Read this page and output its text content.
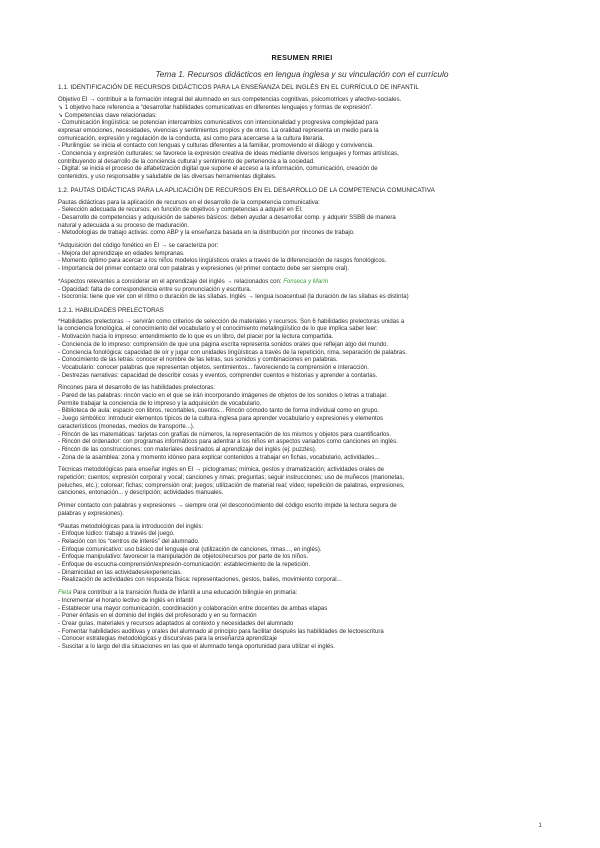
RESUMEN RRIEI
Tema 1. Recursos didácticos en lengua inglesa y su vinculación con el currículo
1.1. IDENTIFICACIÓN DE RECURSOS DIDÁCTICOS PARA LA ENSEÑANZA DEL INGLÉS EN EL CURRÍCULO DE INFANTIL

Objetivo EI → contribuir a la formación integral del alumnado en sus competencias cognitivas, psicomotrices y afectivo-sociales.

➘ 1 objetivo hace referencia a “desarrollar habilidades comunicativas en diferentes lenguajes y formas de expresión”.

➘ Competencias clave relacionadas:

- Comunicación lingüística: se potencian intercambios comunicativos con intencionalidad y progresiva complejidad para

expresar emociones, necesidades, vivencias y sentimientos propios y de otros. La oralidad representa un medio para la

comunicación, expresión y regulación de la conducta, así como para acercarse a la cultura literaria.

- Plurilingüe: se inicia el contacto con lenguas y culturas diferentes a la familiar, promoviendo el diálogo y convivencia.

- Conciencia y expresión culturales: se favorece la expresión creativa de ideas mediante diversos lenguajes y formas artísticas,

contribuyendo al desarrollo de la conciencia cultural y sentimiento de pertenencia a la sociedad.

- Digital: se inicia el proceso de alfabetización digital que supone el acceso a la información, comunicación, creación de

contenidos, y uso responsable y saludable de las diversas herramientas digitales.

1.2. PAUTAS DIDÁCTICAS PARA LA APLICACIÓN DE RECURSOS EN EL DESARROLLO DE LA COMPETENCIA COMUNICATIVA

Pautas didácticas para la aplicación de recursos en el desarrollo de la competencia comunicativa:

- Selección adecuada de recursos: en función de objetivos y competencias a adquirir en EI.

- Desarrollo de competencias y adquisición de saberes básicos: deben ayudar a desarrollar comp. y adquirir SSBB de manera

natural y adecuada a su proceso de maduración.

- Metodologías de trabajo activas: como ABP y la enseñanza basada en la distribución por rincones de trabajo.

*Adquisición del código fonético en EI → se caracteriza por:

- Mejora del aprendizaje en edades tempranas.

- Momento óptimo para acercar a los niños modelos lingüísticos orales a través de la diferenciación de rasgos fonológicos.

- Importancia del primer contacto oral con palabras y expresiones (el primer contacto debe ser siempre oral).

*Aspectos relevantes a considerar en el aprendizaje del inglés → relacionados con: Fonseca y Marín

- Opacidad: falta de correspondencia entre su pronunciación y escritura.

- Isocronía: tiene que ver con el ritmo o duración de las sílabas. Inglés → lengua isoacentual (la duración de las sílabas es distinta)

1.2.1. HABILIDADES PRELECTORAS

*Habilidades prelectoras → servirán como criterios de selección de materiales y recursos. Son 6 habilidades prelectoras unidas a

la conciencia fonológica, el conocimiento del vocabulario y el conocimiento metalingüístico de lo que implica saber leer:

- Motivación hacia lo impreso: entendimiento de lo que es un libro, del placer por la lectura compartida.

- Conciencia de lo impreso: comprensión de que una página escrita representa sonidos orales que reflejan algo del mundo.

- Conciencia fonológica: capacidad de oír y jugar con unidades lingüísticas a través de la repetición, rima, separación de palabras.

- Conocimiento de las letras: conocer el nombre de las letras, sus sonidos y combinaciones en palabras.

- Vocabulario: conocer palabras que representan objetos, sentimientos... favoreciendo la comprensión e interacción.

- Destrezas narrativas: capacidad de describir cosas y eventos, comprender cuentos e historias y aprender a contarlas.

Rincones para el desarrollo de las habilidades prelectoras:

- Pared de las palabras: rincón vacío en el que se irán incorporando imágenes de objetos de los sonidos o letras a trabajar.

Permite trabajar la conciencia de lo impreso y la adquisición de vocabulario.

- Biblioteca de aula: espacio con libros, recortables, cuentos... Rincón cómodo tanto de forma individual como en grupo.

- Juego simbólico: introducir elementos típicos de la cultura inglesa para aprender vocabulario y expresiones y elementos

característicos (monedas, medios de transporte...).

- Rincón de las matemáticas: tarjetas con grafías de números, la representación de los mismos y objetos para cuantificarlos.

- Rincón del ordenador: con programas informáticos para adentrar a los niños en aspectos variados como canciones en inglés.

- Rincón de las construcciones: con materiales destinados al aprendizaje del inglés (ej: puzzles).

- Zona de la asamblea: zona y momento idóneo para explicar contenidos a trabajar en fichas, vocabulario, actividades...

Técnicas metodológicas para enseñar inglés en EI → pictogramas; mímica, gestos y dramatización; actividades orales de

repetición; cuentos; expresión corporal y vocal; canciones y rimas; preguntas; seguir instrucciones; uso de muñecos (marionetas,

peluches, etc.); colorear; fichas; comprensión oral; juegos; utilización de material real; vídeo; repetición de palabras, expresiones,

canciones, entonación... y descripción; actividades manuales.

Primer contacto con palabras y expresiones → siempre oral (el desconocimiento del código escrito impide la lectura segura de

palabras y expresiones).

*Pautas metodológicas para la introducción del inglés:

- Enfoque lúdico: trabajo a través del juego.

- Relación con los “centros de interés” del alumnado.

- Enfoque comunicativo: uso básico del lenguaje oral (utilización de canciones, rimas..., en inglés).

- Enfoque manipulativo: favorecer la manipulación de objetos/recursos por parte de los niños.

- Enfoque de escucha-comprensión/expresión-comunicación: establecimiento de la repetición.

- Dinamicidad en las actividades/experiencias.

- Realización de actividades con respuesta física: representaciones, gestos, bailes, movimiento corporal...

Fleta Para contribuir a la transición fluida de infantil a una educación bilingüe en primaria:

- Incrementar el horario lectivo de inglés en infantil

- Establecer una mayor comunicación, coordinación y colaboración entre docentes de ambas etapas

- Poner énfasis en el dominio del inglés del profesorado y en su formación

- Crear guías, materiales y recursos adaptados al contexto y necesidades del alumnado

- Fomentar habilidades auditivas y orales del alumnado al principio para facilitar después las habilidades de lectoescritura

- Conocer estrategias metodológicas y discursivas para la enseñanza aprendizaje

- Suscitar a lo largo del día situaciones en las que el alumnado tenga oportunidad para utilizar el inglés.

1
